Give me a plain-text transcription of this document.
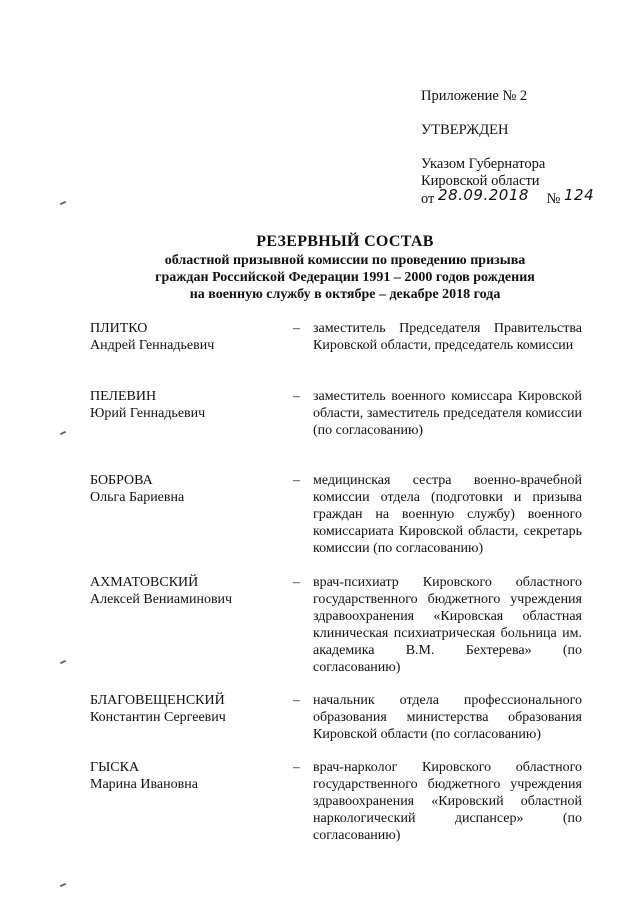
Приложение № 2
УТВЕРЖДЕН
Указом Губернатора
Кировской области
от 28.09.2018 № 124
РЕЗЕРВНЫЙ СОСТАВ
областной призывной комиссии по проведению призыва
граждан Российской Федерации 1991 – 2000 годов рождения
на военную службу в октябре – декабре 2018 года
ПЛИТКО
Андрей Геннадьевич
– заместитель Председателя Правительства Кировской области, председатель комиссии
ПЕЛЕВИН
Юрий Геннадьевич
– заместитель военного комиссара Кировской области, заместитель председателя комиссии (по согласованию)
БОБРОВА
Ольга Бариевна
– медицинская сестра военно-врачебной комиссии отдела (подготовки и призыва граждан на военную службу) военного комиссариата Кировской области, секретарь комиссии (по согласованию)
АХМАТОВСКИЙ
Алексей Вениаминович
– врач-психиатр Кировского областного государственного бюджетного учреждения здравоохранения «Кировская областная клиническая психиатрическая больница им. академика В.М. Бехтерева» (по согласованию)
БЛАГОВЕЩЕНСКИЙ
Константин Сергеевич
– начальник отдела профессионального образования министерства образования Кировской области (по согласованию)
ГЫСКА
Марина Ивановна
– врач-нарколог Кировского областного государственного бюджетного учреждения здравоохранения «Кировский областной наркологический диспансер» (по согласованию)
